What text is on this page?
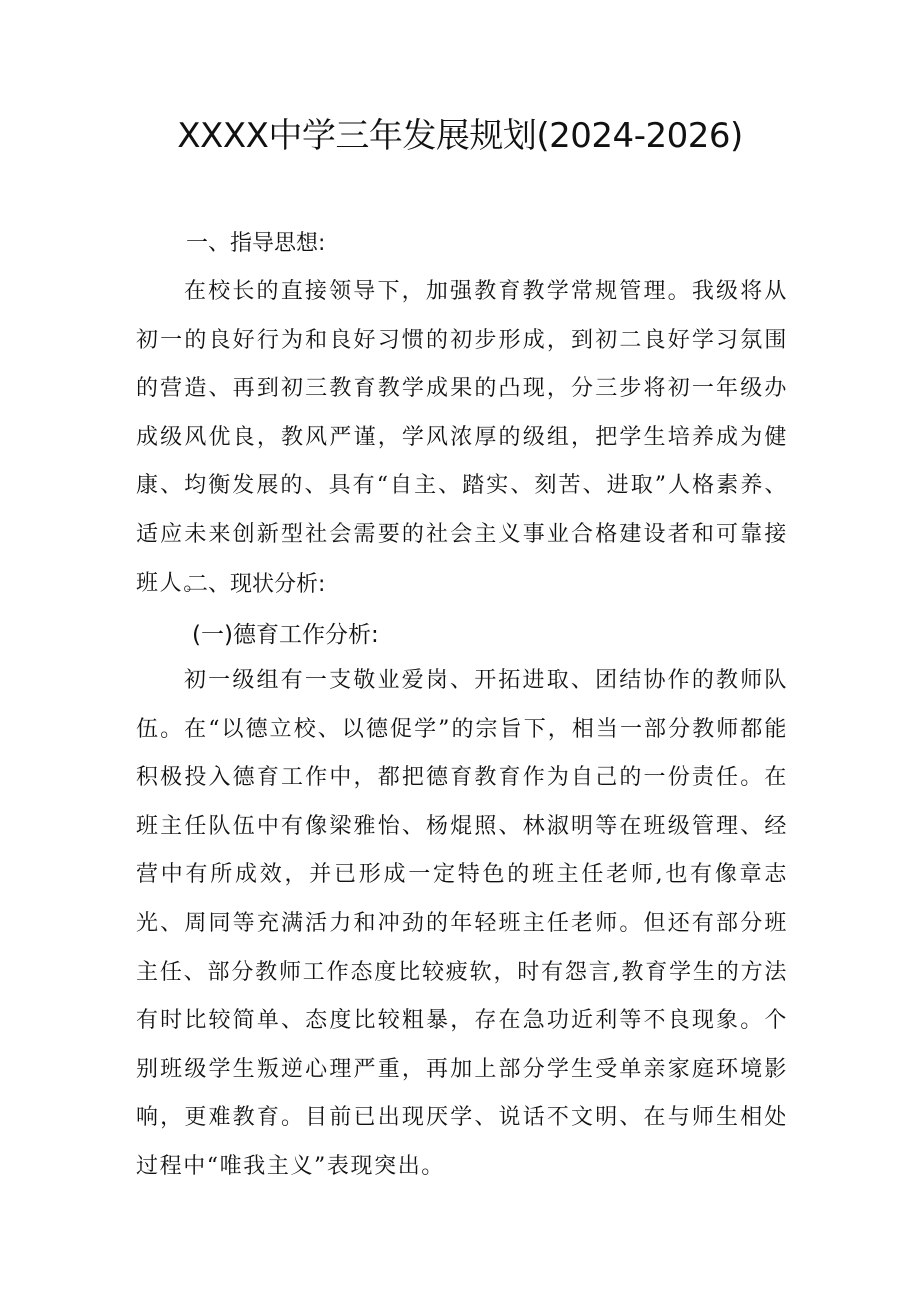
XXXX中学三年发展规划(2024-2026)
一、指导思想:

在校长的直接领导下，加强教育教学常规管理。我级将从初一的良好行为和良好习惯的初步形成，到初二良好学习氛围的营造、再到初三教育教学成果的凸现，分三步将初一年级办成级风优良，教风严谨，学风浓厚的级组，把学生培养成为健康、均衡发展的、具有“自主、踏实、刻苦、进取”人格素养、适应未来创新型社会需要的社会主义事业合格建设者和可靠接班人。

二、现状分析:
(一)德育工作分析:

初一级组有一支敬业爱岗、开拓进取、团结协作的教师队伍。在“以德立校、以德促学”的宗旨下，相当一部分教师都能积极投入德育工作中，都把德育教育作为自己的一份责任。在班主任队伍中有像梁雅怡、杨焜照、林淑明等在班级管理、经营中有所成效，并已形成一定特色的班主任老师,也有像章志光、周同等充满活力和冲劲的年轻班主任老师。但还有部分班主任、部分教师工作态度比较疲软，时有怨言,教育学生的方法有时比较简单、态度比较粗暴，存在急功近利等不良现象。个别班级学生叛逆心理严重，再加上部分学生受单亲家庭环境影响，更难教育。目前已出现厌学、说话不文明、在与师生相处过程中“唯我主义”表现突出。
